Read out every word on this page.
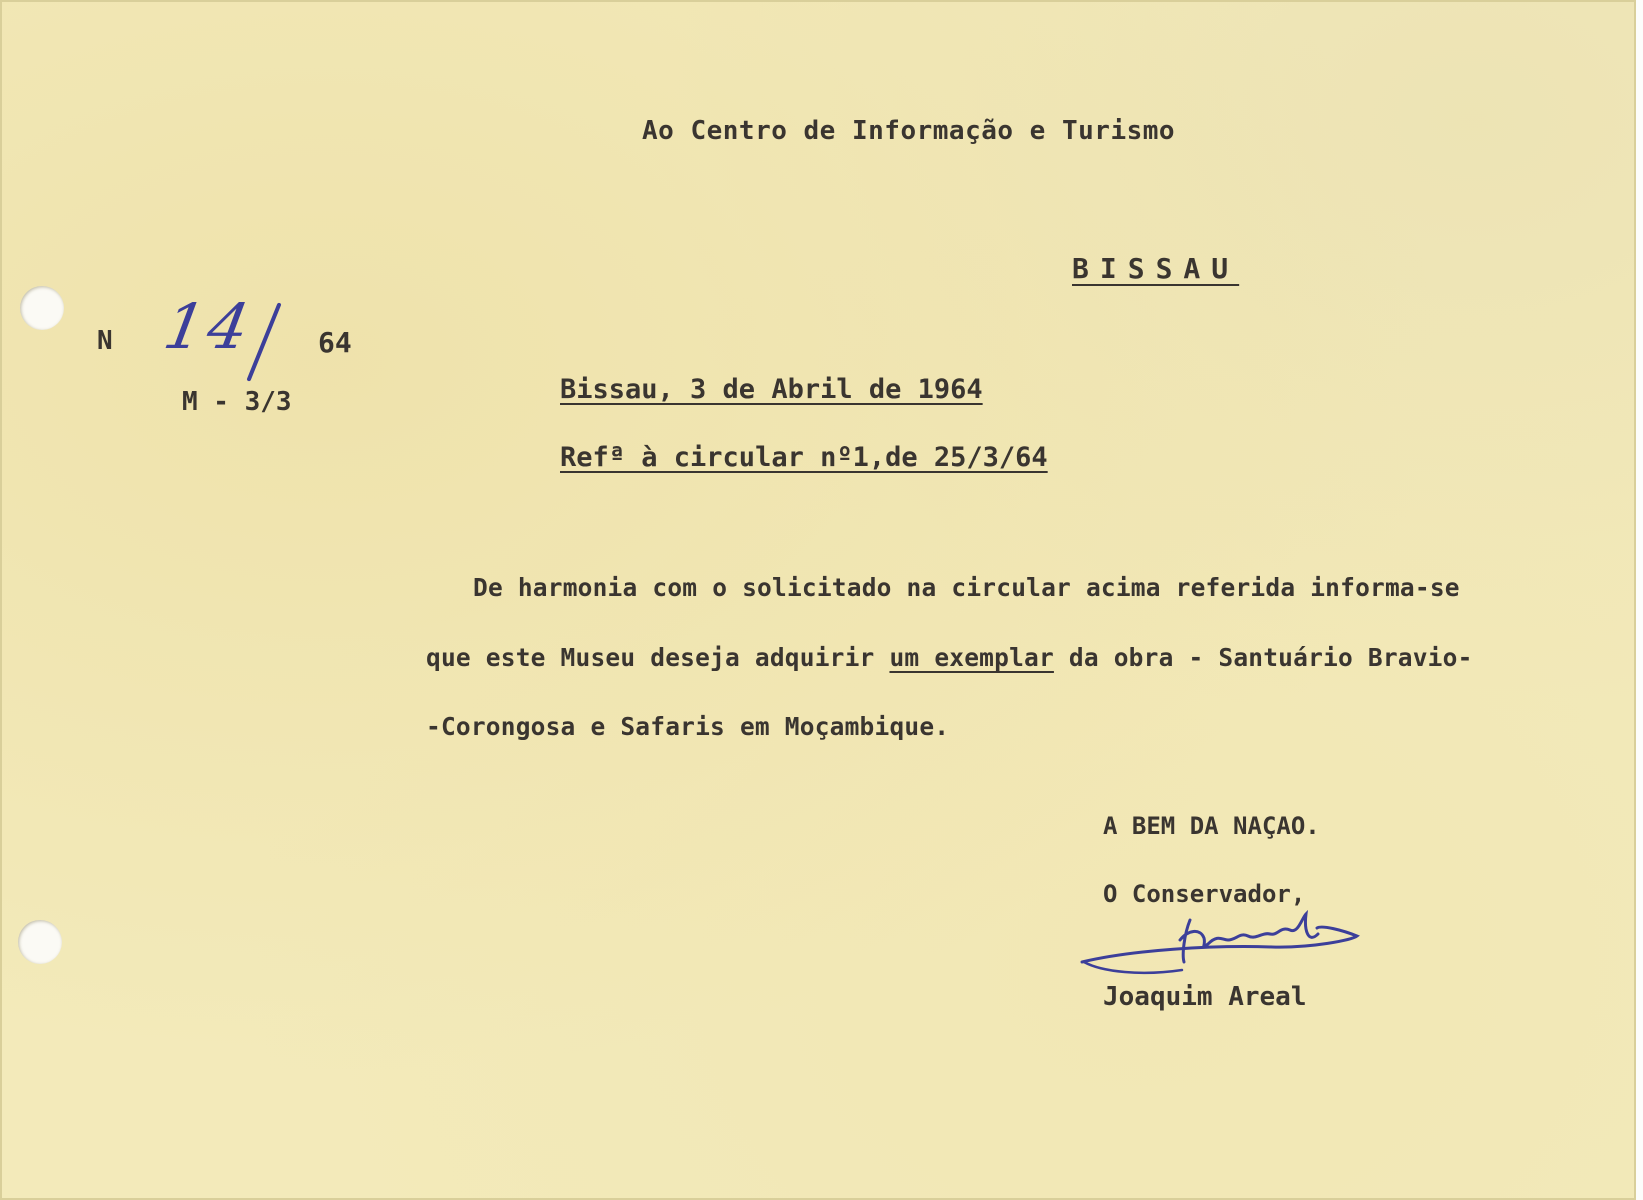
Ao Centro de Informação e Turismo

BISSAU

N 14 64

M - 3/3	Bissau, 3 de Abril de 1964

Refª à circular nº1,de 25/3/64

De harmonia com o solicitado na circular acima referida informa-se

que este Museu deseja adquirir um exemplar da obra - Santuário Bravio-

-Corongosa e Safaris em Moçambique.

A BEM DA NAÇAO.

O Conservador,

Joaquim Areal
